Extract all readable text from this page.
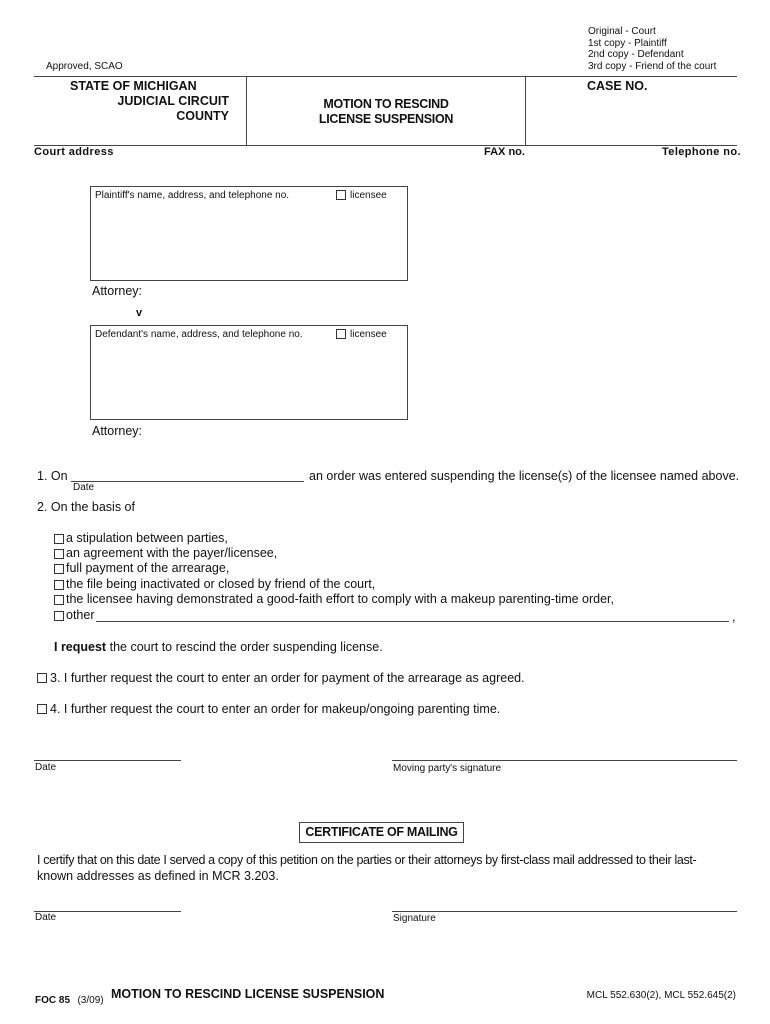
Original - Court
1st copy - Plaintiff
2nd copy - Defendant
3rd copy - Friend of the court
Approved, SCAO
STATE OF MICHIGAN
JUDICIAL CIRCUIT
COUNTY
MOTION TO RESCIND
LICENSE SUSPENSION
CASE NO.
Court address	FAX no.	Telephone no.
Plaintiff's name, address, and telephone no.	licensee
Attorney:
v
Defendant's name, address, and telephone no.	licensee
Attorney:
1. On
Date
an order was entered suspending the license(s) of the licensee named above.
2. On the basis of
a stipulation between parties,
an agreement with the payer/licensee,
full payment of the arrearage,
the file being inactivated or closed by friend of the court,
the licensee having demonstrated a good-faith effort to comply with a makeup parenting-time order,
other	,
I request the court to rescind the order suspending license.
3. I further request the court to enter an order for payment of the arrearage as agreed.
4. I further request the court to enter an order for makeup/ongoing parenting time.
Date	Moving party's signature
CERTIFICATE OF MAILING
I certify that on this date I served a copy of this petition on the parties or their attorneys by first-class mail addressed to their last-
known addresses as defined in MCR 3.203.
Date	Signature
FOC 85 (3/09) MOTION TO RESCIND LICENSE SUSPENSION	MCL 552.630(2), MCL 552.645(2)
